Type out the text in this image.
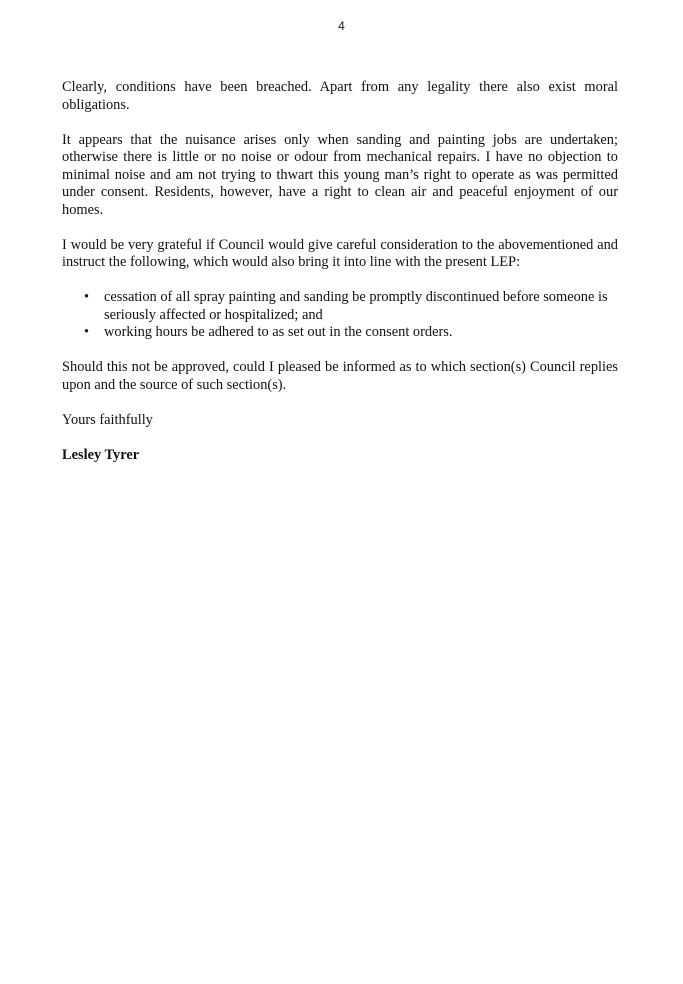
4

Clearly, conditions have been breached. Apart from any legality there also exist moral obligations.

It appears that the nuisance arises only when sanding and painting jobs are undertaken; otherwise there is little or no noise or odour from mechanical repairs. I have no objection to minimal noise and am not trying to thwart this young man’s right to operate as was permitted under consent. Residents, however, have a right to clean air and peaceful enjoyment of our homes.

I would be very grateful if Council would give careful consideration to the abovementioned and instruct the following, which would also bring it into line with the present LEP:

• cessation of all spray painting and sanding be promptly discontinued before someone is seriously affected or hospitalized; and
• working hours be adhered to as set out in the consent orders.

Should this not be approved, could I pleased be informed as to which section(s) Council replies upon and the source of such section(s).

Yours faithfully

Lesley Tyrer
